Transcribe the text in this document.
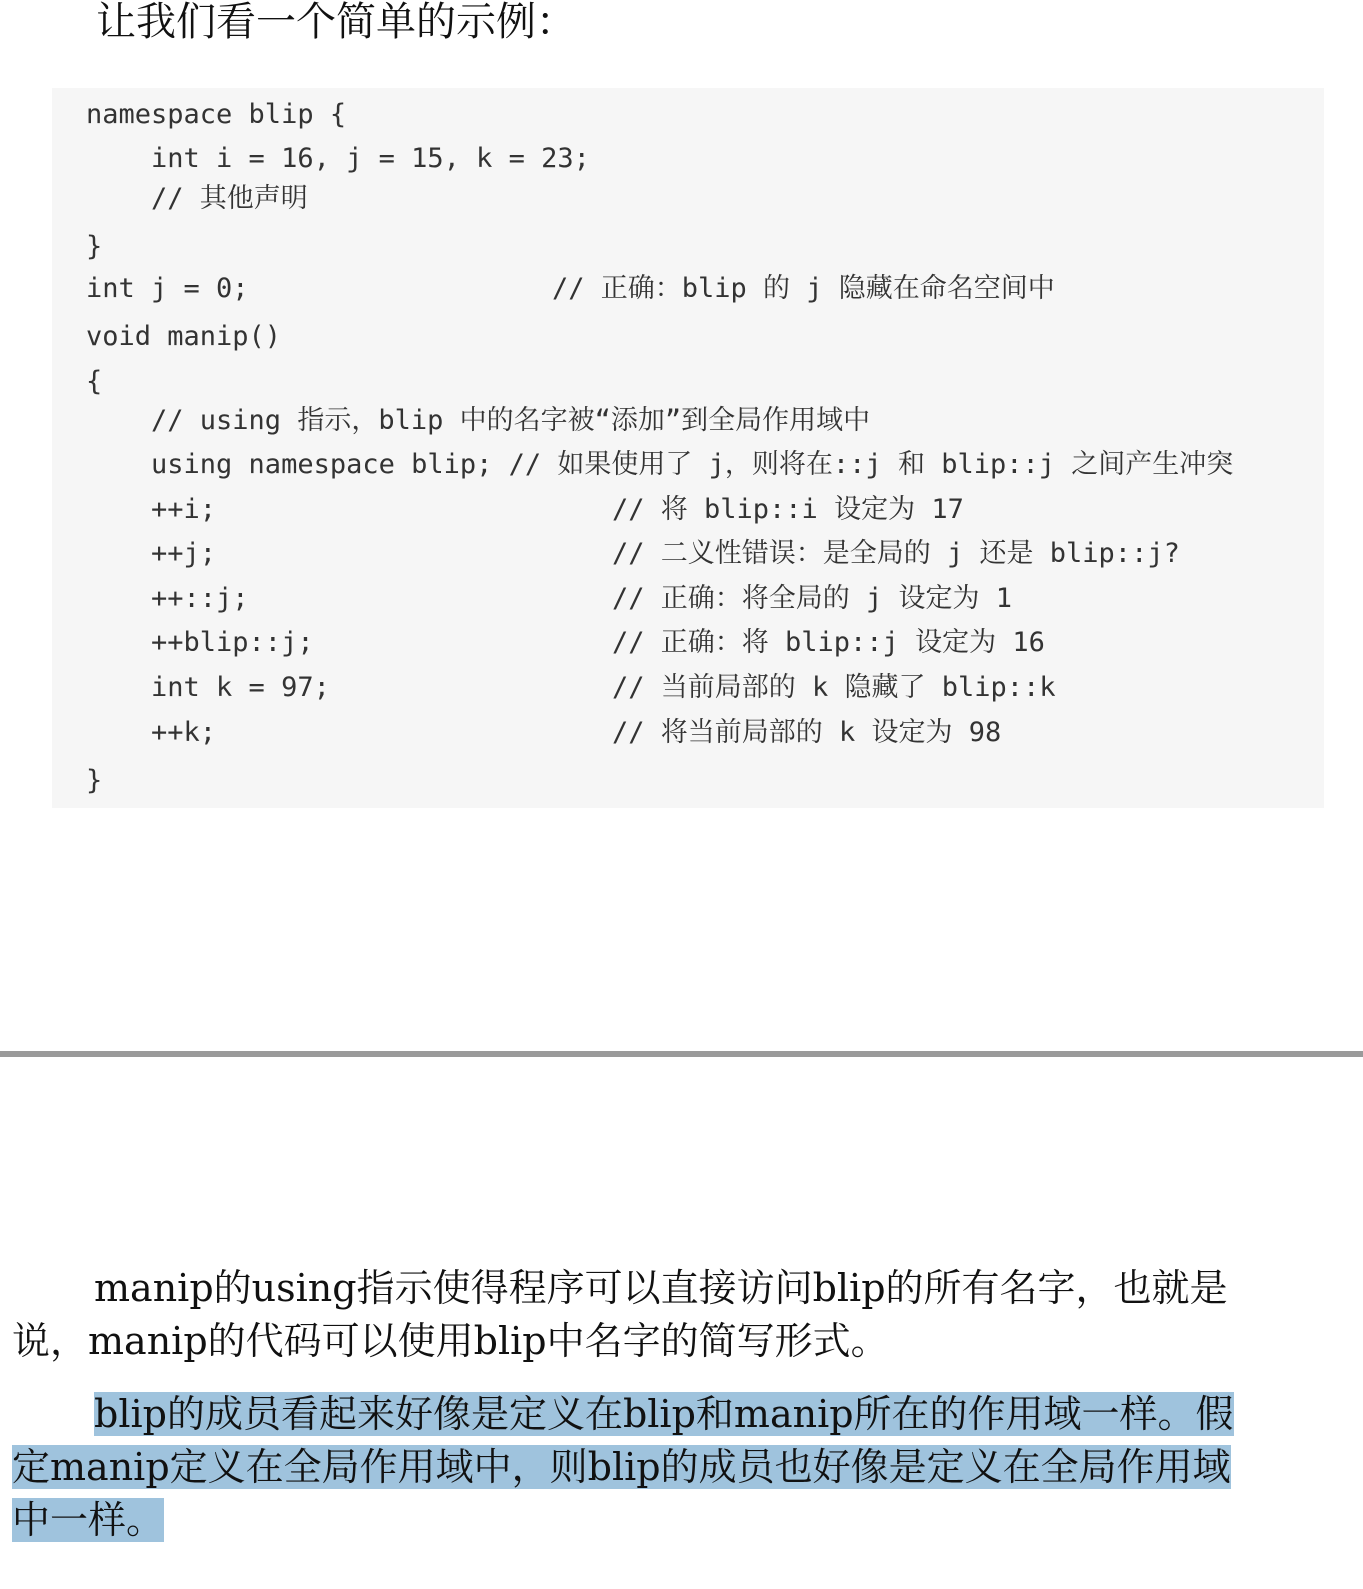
让我们看一个简单的示例：
namespace blip {
int i = 16, j = 15, k = 23;
// 其他声明
}
int j = 0;	// 正确：blip 的 j 隐藏在命名空间中
void manip()
{
// using 指示，blip 中的名字被“添加”到全局作用域中
using namespace blip; // 如果使用了 j，则将在::j 和 blip::j 之间产生冲突
++i;	// 将 blip::i 设定为 17
++j;	// 二义性错误：是全局的 j 还是 blip::j?
++::j;	// 正确：将全局的 j 设定为 1
++blip::j;	// 正确：将 blip::j 设定为 16
int k = 97;	// 当前局部的 k 隐藏了 blip::k
++k;	// 将当前局部的 k 设定为 98
}
manip的using指示使得程序可以直接访问blip的所有名字，也就是
说，manip的代码可以使用blip中名字的简写形式。
blip的成员看起来好像是定义在blip和manip所在的作用域一样。假
定manip定义在全局作用域中，则blip的成员也好像是定义在全局作用域
中一样。
